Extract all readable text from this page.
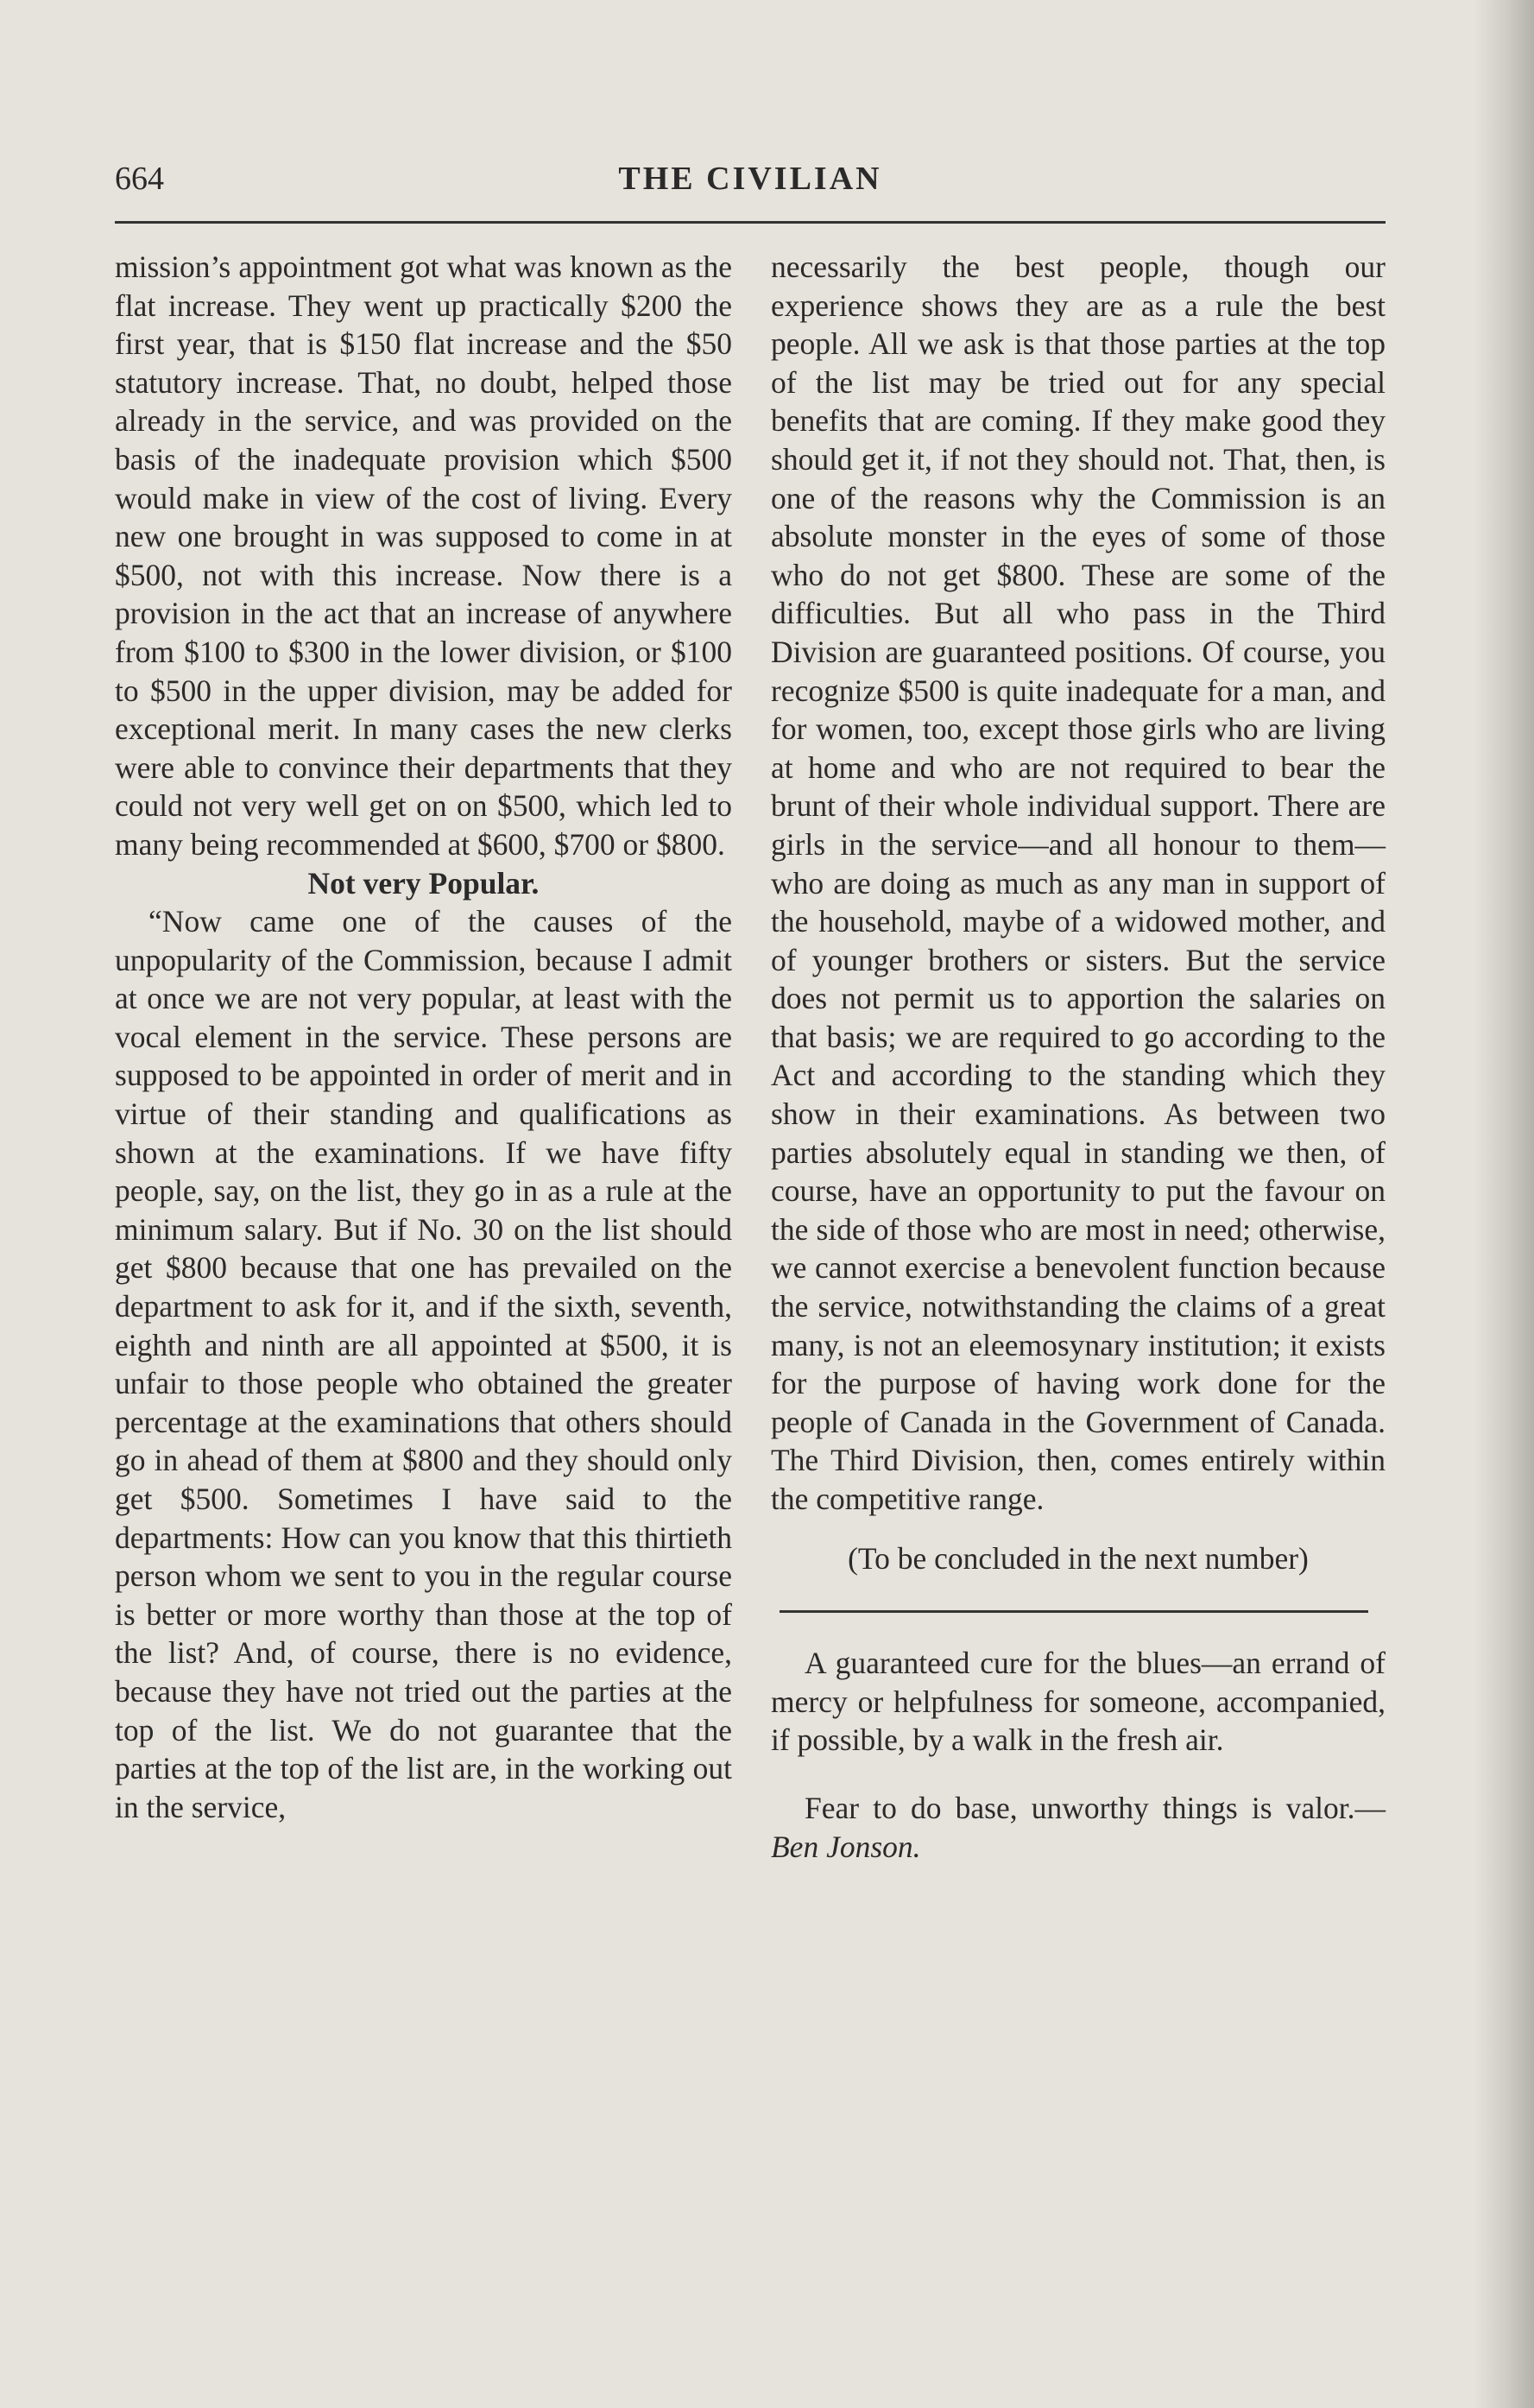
664	THE CIVILIAN

mission’s appointment got what was known as the flat increase. They went up practically $200 the first year, that is $150 flat increase and the $50 statutory increase. That, no doubt, helped those already in the service, and was provided on the basis of the inadequate provision which $500 would make in view of the cost of living. Every new one brought in was supposed to come in at $500, not with this increase. Now there is a provision in the act that an increase of anywhere from $100 to $300 in the lower division, or $100 to $500 in the upper division, may be added for exceptional merit. In many cases the new clerks were able to convince their departments that they could not very well get on on $500, which led to many being recommended at $600, $700 or $800.

Not very Popular.

“Now came one of the causes of the unpopularity of the Commission, because I admit at once we are not very popular, at least with the vocal element in the service. These persons are supposed to be appointed in order of merit and in virtue of their standing and qualifications as shown at the examinations. If we have fifty people, say, on the list, they go in as a rule at the minimum salary. But if No. 30 on the list should get $800 because that one has prevailed on the department to ask for it, and if the sixth, seventh, eighth and ninth are all appointed at $500, it is unfair to those people who obtained the greater percentage at the examinations that others should go in ahead of them at $800 and they should only get $500. Sometimes I have said to the departments: How can you know that this thirtieth person whom we sent to you in the regular course is better or more worthy than those at the top of the list? And, of course, there is no evidence, because they have not tried out the parties at the top of the list. We do not guarantee that the parties at the top of the list are, in the working out in the service,

necessarily the best people, though our experience shows they are as a rule the best people. All we ask is that those parties at the top of the list may be tried out for any special benefits that are coming. If they make good they should get it, if not they should not. That, then, is one of the reasons why the Commission is an absolute monster in the eyes of some of those who do not get $800. These are some of the difficulties. But all who pass in the Third Division are guaranteed positions. Of course, you recognize $500 is quite inadequate for a man, and for women, too, except those girls who are living at home and who are not required to bear the brunt of their whole individual support. There are girls in the service—and all honour to them—who are doing as much as any man in support of the household, maybe of a widowed mother, and of younger brothers or sisters. But the service does not permit us to apportion the salaries on that basis; we are required to go according to the Act and according to the standing which they show in their examinations. As between two parties absolutely equal in standing we then, of course, have an opportunity to put the favour on the side of those who are most in need; otherwise, we cannot exercise a benevolent function because the service, notwithstanding the claims of a great many, is not an eleemosynary institution; it exists for the purpose of having work done for the people of Canada in the Government of Canada. The Third Division, then, comes entirely within the competitive range.

(To be concluded in the next number)

A guaranteed cure for the blues—an errand of mercy or helpfulness for someone, accompanied, if possible, by a walk in the fresh air.

Fear to do base, unworthy things is valor.—Ben Jonson.
